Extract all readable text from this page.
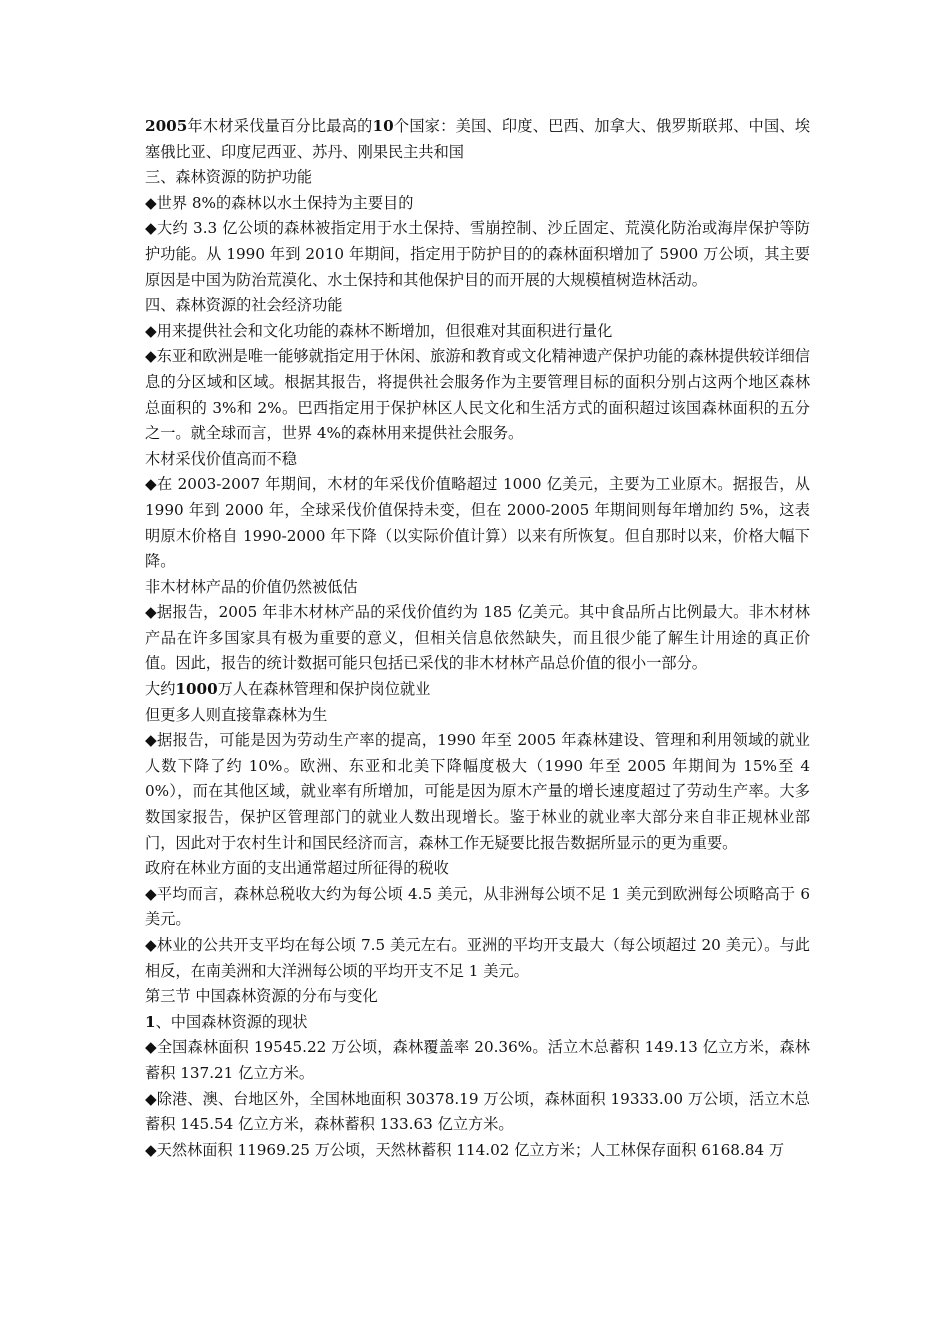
2005年木材采伐量百分比最高的10个国家：美国、印度、巴西、加拿大、俄罗斯联邦、中国、埃塞俄比亚、印度尼西亚、苏丹、刚果民主共和国

三、森林资源的防护功能

◆世界 8%的森林以水土保持为主要目的

◆大约 3.3 亿公顷的森林被指定用于水土保持、雪崩控制、沙丘固定、荒漠化防治或海岸保护等防护功能。从 1990 年到 2010 年期间，指定用于防护目的的森林面积增加了 5900 万公顷，其主要原因是中国为防治荒漠化、水土保持和其他保护目的而开展的大规模植树造林活动。

四、森林资源的社会经济功能

◆用来提供社会和文化功能的森林不断增加，但很难对其面积进行量化

◆东亚和欧洲是唯一能够就指定用于休闲、旅游和教育或文化精神遗产保护功能的森林提供较详细信息的分区域和区域。根据其报告，将提供社会服务作为主要管理目标的面积分别占这两个地区森林总面积的 3%和 2%。巴西指定用于保护林区人民文化和生活方式的面积超过该国森林面积的五分之一。就全球而言，世界 4%的森林用来提供社会服务。

木材采伐价值高而不稳

◆在 2003-2007 年期间，木材的年采伐价值略超过 1000 亿美元，主要为工业原木。据报告，从 1990 年到 2000 年，全球采伐价值保持未变，但在 2000-2005 年期间则每年增加约 5%，这表明原木价格自 1990-2000 年下降（以实际价值计算）以来有所恢复。但自那时以来，价格大幅下降。

非木材林产品的价值仍然被低估

◆据报告，2005 年非木材林产品的采伐价值约为 185 亿美元。其中食品所占比例最大。非木材林产品在许多国家具有极为重要的意义，但相关信息依然缺失，而且很少能了解生计用途的真正价值。因此，报告的统计数据可能只包括已采伐的非木材林产品总价值的很小一部分。

大约1000万人在森林管理和保护岗位就业

但更多人则直接靠森林为生

◆据报告，可能是因为劳动生产率的提高，1990 年至 2005 年森林建设、管理和利用领域的就业人数下降了约 10%。欧洲、东亚和北美下降幅度极大（1990 年至 2005 年期间为 15%至 40%），而在其他区域，就业率有所增加，可能是因为原木产量的增长速度超过了劳动生产率。大多数国家报告，保护区管理部门的就业人数出现增长。鉴于林业的就业率大部分来自非正规林业部门，因此对于农村生计和国民经济而言，森林工作无疑要比报告数据所显示的更为重要。

政府在林业方面的支出通常超过所征得的税收

◆平均而言，森林总税收大约为每公顷 4.5 美元，从非洲每公顷不足 1 美元到欧洲每公顷略高于 6 美元。

◆林业的公共开支平均在每公顷 7.5 美元左右。亚洲的平均开支最大（每公顷超过 20 美元）。与此相反，在南美洲和大洋洲每公顷的平均开支不足 1 美元。

第三节 中国森林资源的分布与变化

1、中国森林资源的现状

◆全国森林面积 19545.22 万公顷，森林覆盖率 20.36%。活立木总蓄积 149.13 亿立方米，森林蓄积 137.21 亿立方米。

◆除港、澳、台地区外，全国林地面积 30378.19 万公顷，森林面积 19333.00 万公顷，活立木总蓄积 145.54 亿立方米，森林蓄积 133.63 亿立方米。

◆天然林面积 11969.25 万公顷，天然林蓄积 114.02 亿立方米；人工林保存面积 6168.84 万
